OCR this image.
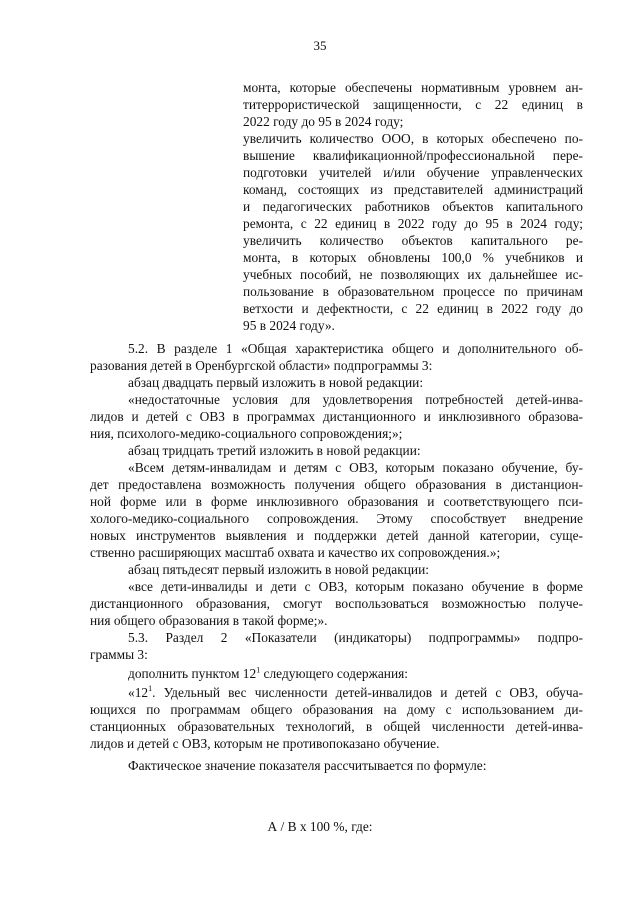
35
монта, которые обеспечены нормативным уровнем ан-
титеррористической защищенности, с 22 единиц в
2022 году до 95 в 2024 году;
увеличить количество ООО, в которых обеспечено по-
вышение квалификационной/профессиональной пере-
подготовки учителей и/или обучение управленческих
команд, состоящих из представителей администраций
и педагогических работников объектов капитального
ремонта, с 22 единиц в 2022 году до 95 в 2024 году;
увеличить количество объектов капитального ре-
монта, в которых обновлены 100,0 % учебников и
учебных пособий, не позволяющих их дальнейшее ис-
пользование в образовательном процессе по причинам
ветхости и дефектности, с 22 единиц в 2022 году до
95 в 2024 году».
5.2. В разделе 1 «Общая характеристика общего и дополнительного об-
разования детей в Оренбургской области» подпрограммы 3:
абзац двадцать первый изложить в новой редакции:
«недостаточные условия для удовлетворения потребностей детей-инва-
лидов и детей с ОВЗ в программах дистанционного и инклюзивного образова-
ния, психолого-медико-социального сопровождения;»;
абзац тридцать третий изложить в новой редакции:
«Всем детям-инвалидам и детям с ОВЗ, которым показано обучение, бу-
дет предоставлена возможность получения общего образования в дистанцион-
ной форме или в форме инклюзивного образования и соответствующего пси-
холого-медико-социального сопровождения. Этому способствует внедрение
новых инструментов выявления и поддержки детей данной категории, суще-
ственно расширяющих масштаб охвата и качество их сопровождения.»;
абзац пятьдесят первый изложить в новой редакции:
«все дети-инвалиды и дети с ОВЗ, которым показано обучение в форме
дистанционного образования, смогут воспользоваться возможностью получе-
ния общего образования в такой форме;».
5.3. Раздел 2 «Показатели (индикаторы) подпрограммы» подпро-
граммы 3:
дополнить пунктом $12^1$ следующего содержания:
«12 1 . Удельный вес численности детей-инвалидов и детей с ОВЗ, обуча-
ющихся по программам общего образования на дому с использованием ди-
станционных образовательных технологий, в общей численности детей-инва-
лидов и детей с ОВЗ, которым не противопоказано обучение.
Фактическое значение показателя рассчитывается по формуле:
А / В х 100 %, где:
